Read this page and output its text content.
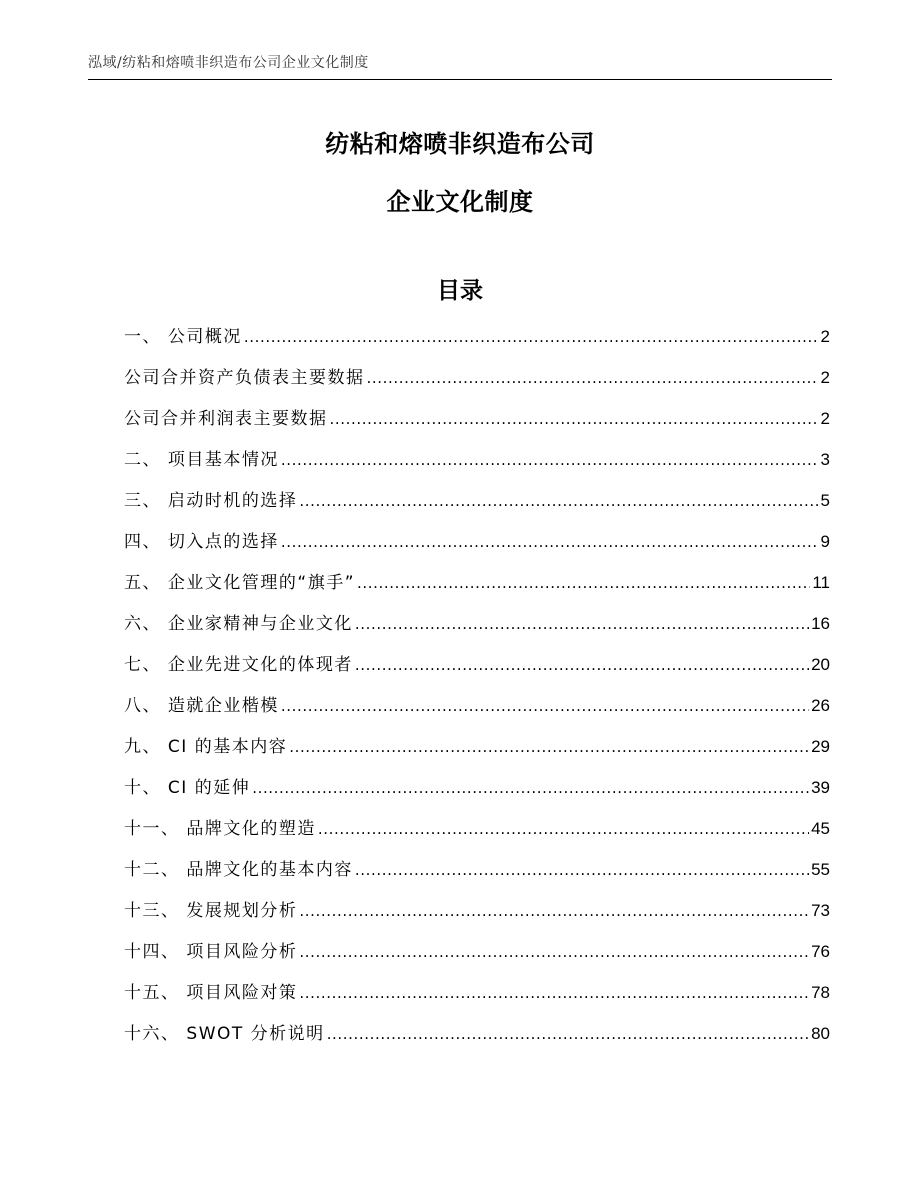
泓域/纺粘和熔喷非织造布公司企业文化制度
纺粘和熔喷非织造布公司
企业文化制度
目录
一、 公司概况 .....	2
公司合并资产负债表主要数据 .....	2
公司合并利润表主要数据 .....	2
二、 项目基本情况 .....	3
三、 启动时机的选择 .....	5
四、 切入点的选择 .....	9
五、 企业文化管理的“旗手” .....	11
六、 企业家精神与企业文化 .....	16
七、 企业先进文化的体现者 .....	20
八、 造就企业楷模 .....	26
九、 CI 的基本内容 .....	29
十、 CI 的延伸 .....	39
十一、 品牌文化的塑造 .....	45
十二、 品牌文化的基本内容 .....	55
十三、 发展规划分析 .....	73
十四、 项目风险分析 .....	76
十五、 项目风险对策 .....	78
十六、 SWOT 分析说明 .....	80
